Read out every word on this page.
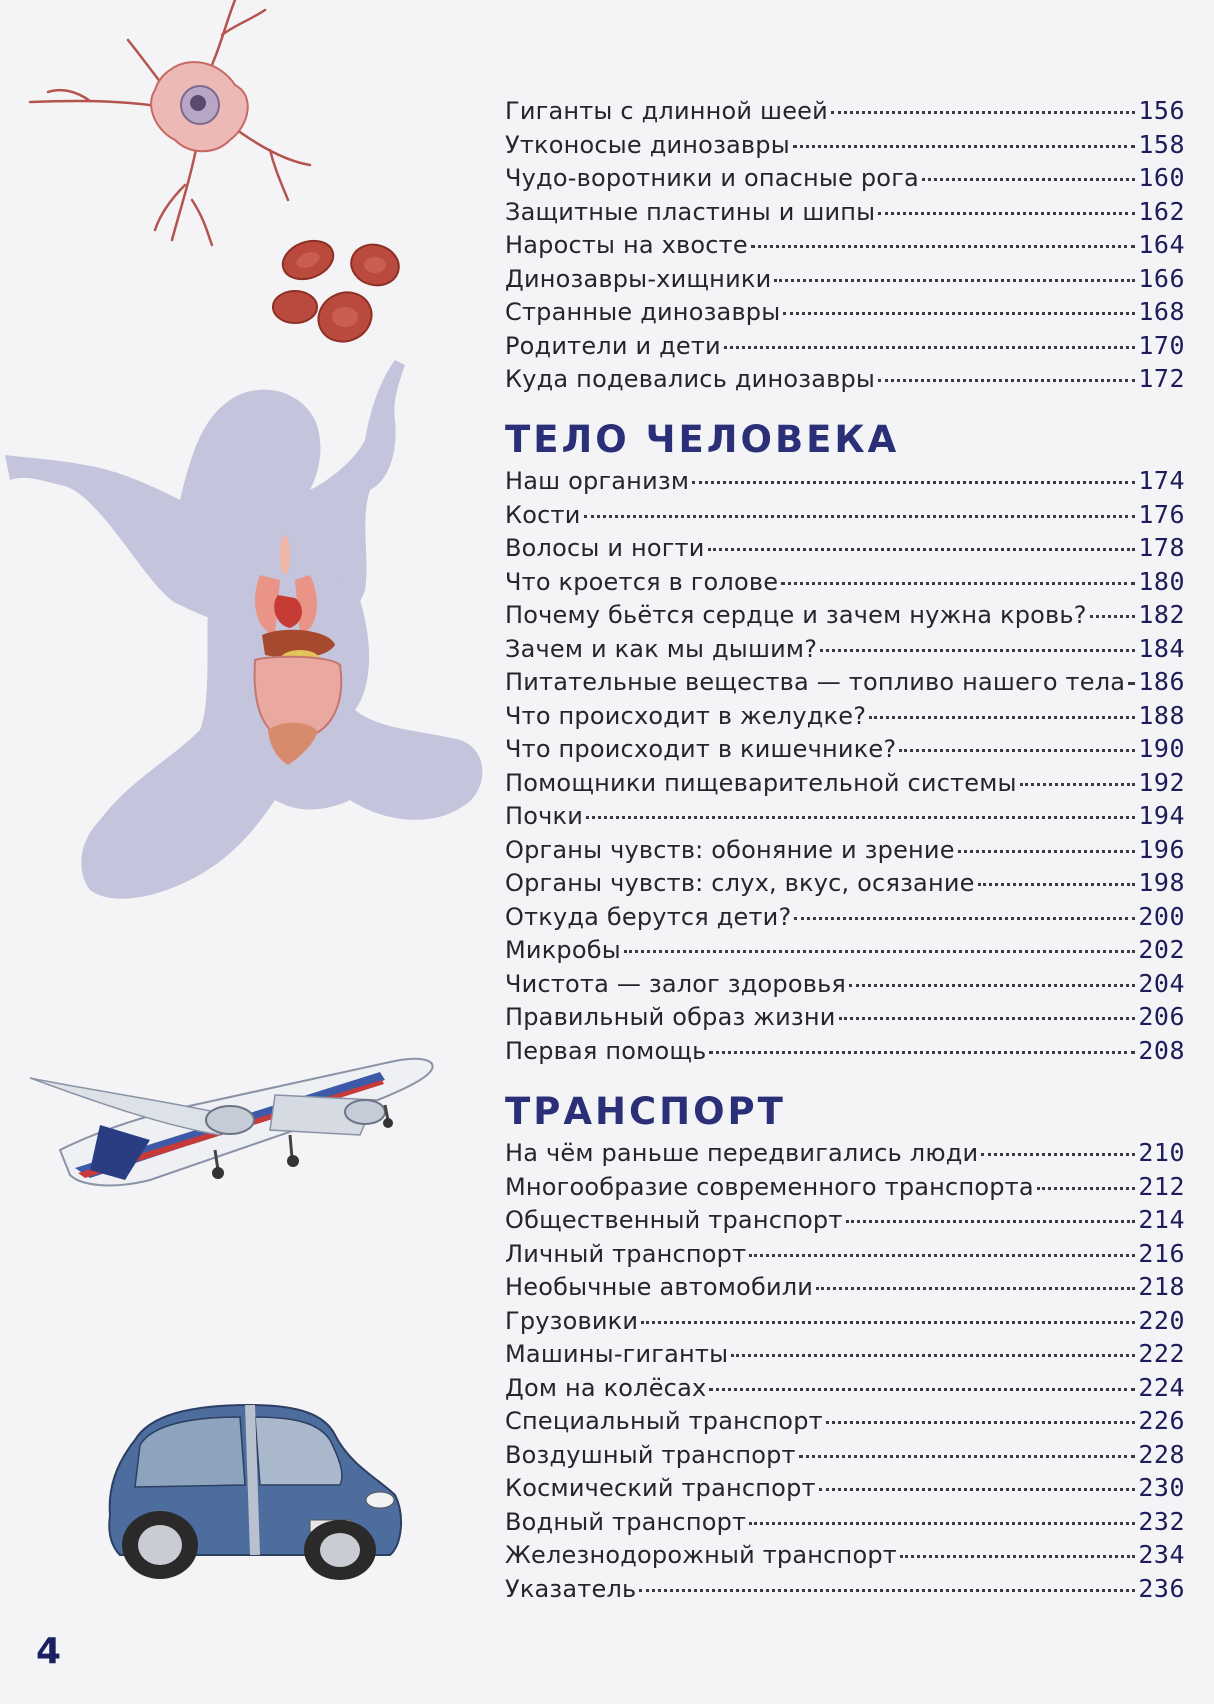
Гиганты с длинной шеей	156
Утконосые динозавры	158
Чудо-воротники и опасные рога	160
Защитные пластины и шипы	162
Наросты на хвосте	164
Динозавры-хищники	166
Странные динозавры	168
Родители и дети	170
Куда подевались динозавры	172
ТЕЛО ЧЕЛОВЕКА
Наш организм	174
Кости	176
Волосы и ногти	178
Что кроется в голове	180
Почему бьётся сердце и зачем нужна кровь? 182
Зачем и как мы дышим?	184
Питательные вещества — топливо нашего тела 186
Что происходит в желудке?	188
Что происходит в кишечнике?	190
Помощники пищеварительной системы	192
Почки	194
Органы чувств: обоняние и зрение	196
Органы чувств: слух, вкус, осязание	198
Откуда берутся дети?	200
Микробы	202
Чистота — залог здоровья	204
Правильный образ жизни	206
Первая помощь	208
ТРАНСПОРТ
На чём раньше передвигались люди	210
Многообразие современного транспорта	212
Общественный транспорт	214
Личный транспорт	216
Необычные автомобили	218
Грузовики	220
Машины-гиганты	222
Дом на колёсах	224
Специальный транспорт	226
Воздушный транспорт	228
Космический транспорт	230
Водный транспорт	232
Железнодорожный транспорт	234
Указатель	236

4
